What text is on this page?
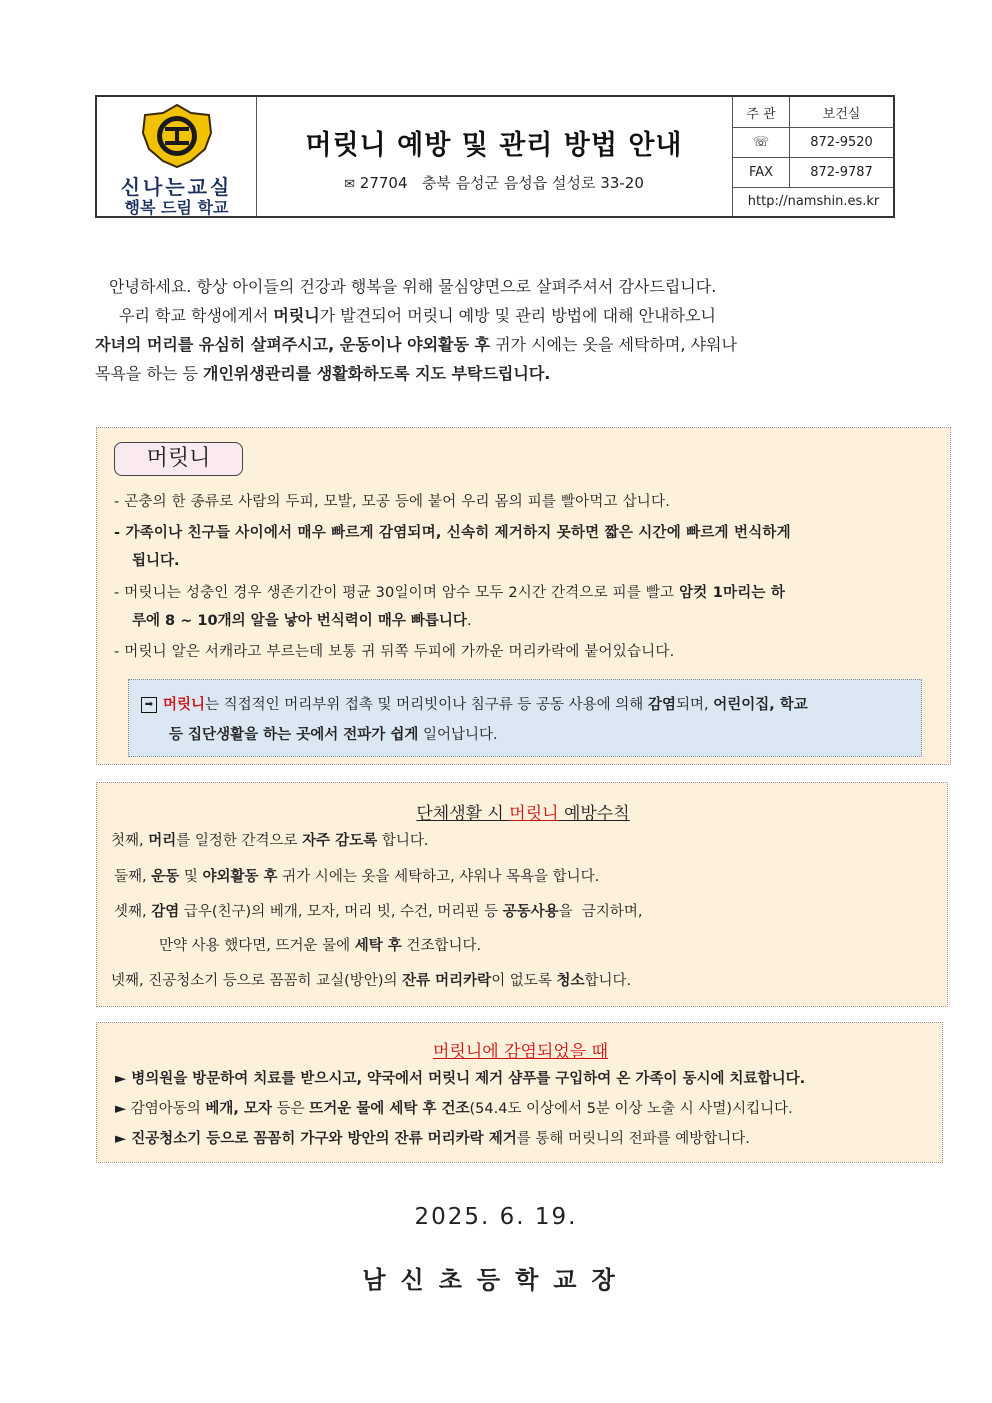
신나는교실
행복 드림 학교
머릿니 예방 및 관리 방법 안내
✉ 27704   충북 음성군 음성읍 설성로 33-20
주 관	보건실
☏	872-9520
FAX	872-9787
http://namshin.es.kr
안녕하세요. 항상 아이들의 건강과 행복을 위해 물심양면으로 살펴주셔서 감사드립니다.
우리 학교 학생에게서 머릿니가 발견되어 머릿니 예방 및 관리 방법에 대해 안내하오니
자녀의 머리를 유심히 살펴주시고, 운동이나 야외활동 후 귀가 시에는 옷을 세탁하며, 샤워나
목욕을 하는 등 개인위생관리를 생활화하도록 지도 부탁드립니다.
머릿니
- 곤충의 한 종류로 사람의 두피, 모발, 모공 등에 붙어 우리 몸의 피를 빨아먹고 삽니다.
- 가족이나 친구들 사이에서 매우 빠르게 감염되며, 신속히 제거하지 못하면 짧은 시간에 빠르게 번식하게
됩니다.
- 머릿니는 성충인 경우 생존기간이 평균 30일이며 암수 모두 2시간 간격으로 피를 빨고 암컷 1마리는 하
루에 8 ~ 10개의 알을 낳아 번식력이 매우 빠릅니다.
- 머릿니 알은 서캐라고 부르는데 보통 귀 뒤쪽 두피에 가까운 머리카락에 붙어있습니다.
➡ 머릿니는 직접적인 머리부위 접촉 및 머리빗이나 침구류 등 공동 사용에 의해 감염되며, 어린이집, 학교
등 집단생활을 하는 곳에서 전파가 쉽게 일어납니다.
단체생활 시 머릿니 예방수칙
첫째, 머리를 일정한 간격으로 자주 감도록 합니다.
둘째, 운동 및 야외활동 후 귀가 시에는 옷을 세탁하고, 샤워나 목욕을 합니다.
셋째, 감염 급우(친구)의 베개, 모자, 머리 빗, 수건, 머리핀 등 공동사용을  금지하며,
만약 사용 했다면, 뜨거운 물에 세탁 후 건조합니다.
넷째, 진공청소기 등으로 꼼꼼히 교실(방안)의 잔류 머리카락이 없도록 청소합니다.
머릿니에 감염되었을 때
► 병의원을 방문하여 치료를 받으시고, 약국에서 머릿니 제거 샴푸를 구입하여 온 가족이 동시에 치료합니다.
► 감염아동의 베개, 모자 등은 뜨거운 물에 세탁 후 건조(54.4도 이상에서 5분 이상 노출 시 사멸)시킵니다.
► 진공청소기 등으로 꼼꼼히 가구와 방안의 잔류 머리카락 제거를 통해 머릿니의 전파를 예방합니다.
2025. 6. 19.
남신초등학교장
